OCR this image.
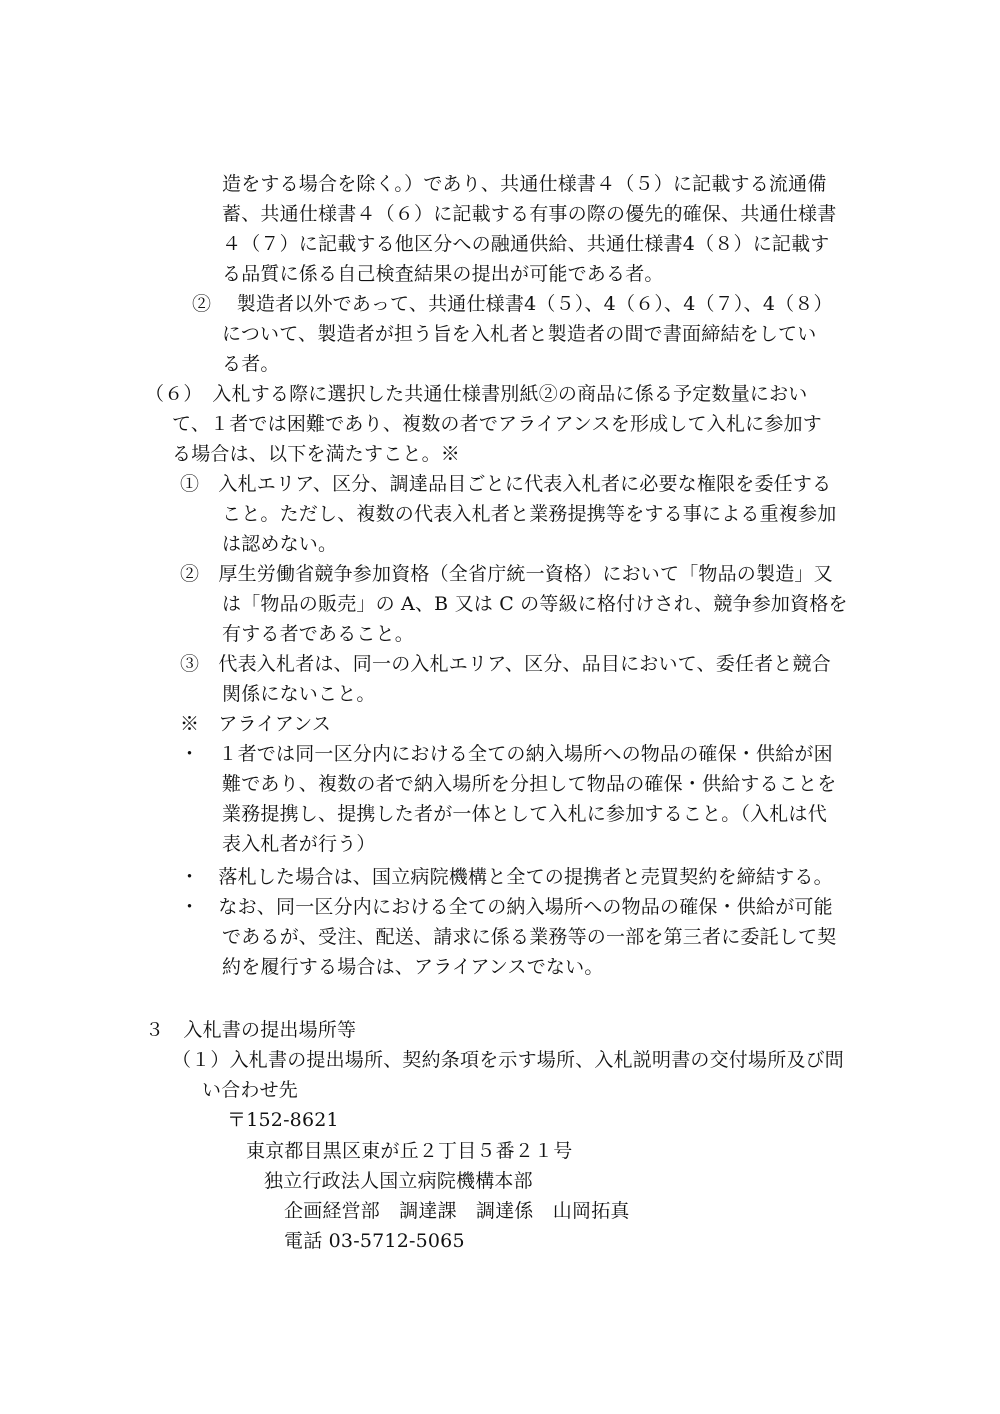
造をする場合を除く。）であり、共通仕様書４（５）に記載する流通備
蓄、共通仕様書４（６）に記載する有事の際の優先的確保、共通仕様書
４（７）に記載する他区分への融通供給、共通仕様書4（８）に記載す
る品質に係る自己検査結果の提出が可能である者。
②　 製造者以外であって、共通仕様書4（５）、4（６）、4（７）、4（８）
について、製造者が担う旨を入札者と製造者の間で書面締結をしてい
る者。
（６）　入札する際に選択した共通仕様書別紙②の商品に係る予定数量におい
て、１者では困難であり、複数の者でアライアンスを形成して入札に参加す
る場合は、以下を満たすこと。※
①　入札エリア、区分、調達品目ごとに代表入札者に必要な権限を委任する
こと。ただし、複数の代表入札者と業務提携等をする事による重複参加
は認めない。
②　厚生労働省競争参加資格（全省庁統一資格）において「物品の製造」又
は「物品の販売」の A、B 又は C の等級に格付けされ、競争参加資格を
有する者であること。
③　代表入札者は、同一の入札エリア、区分、品目において、委任者と競合
関係にないこと。
※　アライアンス
・　１者では同一区分内における全ての納入場所への物品の確保・供給が困
難であり、複数の者で納入場所を分担して物品の確保・供給することを
業務提携し、提携した者が一体として入札に参加すること。（入札は代
表入札者が行う）
・　落札した場合は、国立病院機構と全ての提携者と売買契約を締結する。
・　なお、同一区分内における全ての納入場所への物品の確保・供給が可能
であるが、受注、配送、請求に係る業務等の一部を第三者に委託して契
約を履行する場合は、アライアンスでない。
３　入札書の提出場所等
（１）入札書の提出場所、契約条項を示す場所、入札説明書の交付場所及び問
い合わせ先
〒152-8621
東京都目黒区東が丘２丁目５番２１号
独立行政法人国立病院機構本部
企画経営部　調達課　調達係　山岡拓真
電話 03-5712-5065
